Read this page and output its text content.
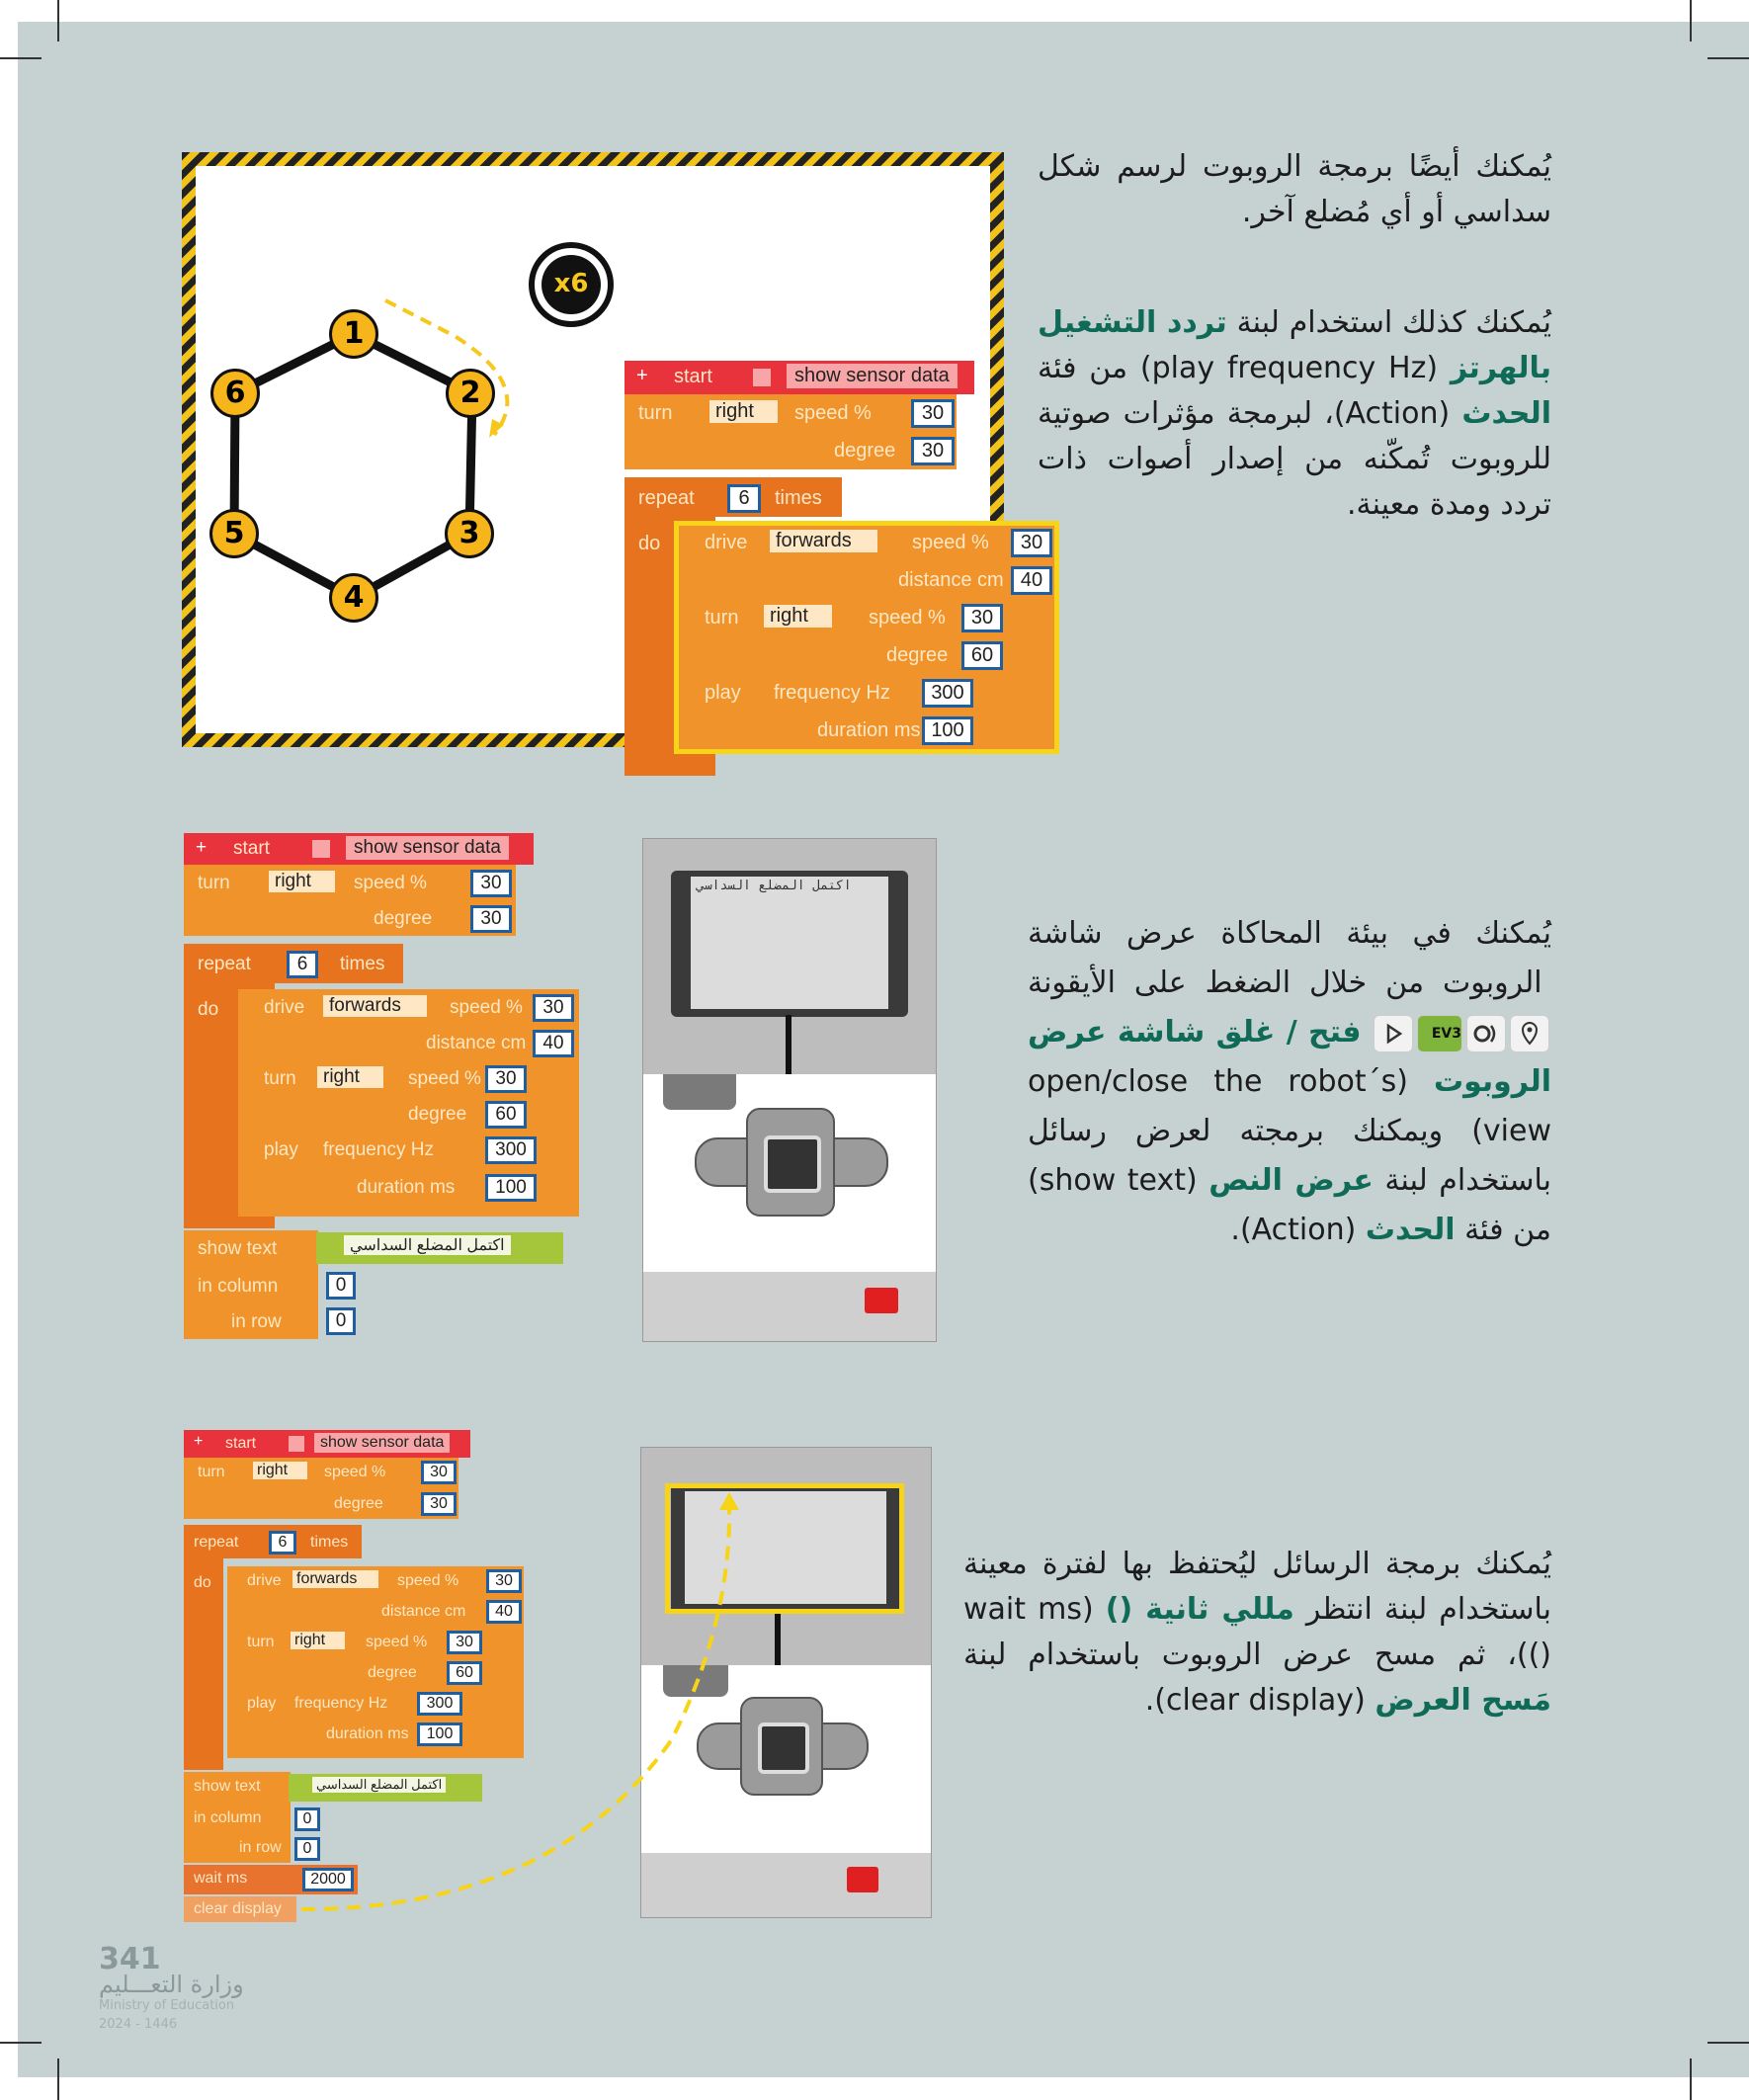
يُمكنك أيضًا برمجة الروبوت لرسم شكل سداسي أو أي مُضلع آخر.
يُمكنك كذلك استخدام لبنة تردد التشغيل بالهرتز (play frequency Hz) من فئة الحدث (Action)، لبرمجة مؤثرات صوتية للروبوت تُمكّنه من إصدار أصوات ذات تردد ومدة معينة.
يُمكنك في بيئة المحاكاة عرض شاشة الروبوت من خلال الضغط على الأيقونة EV3 فتح / غلق شاشة عرض الروبوت (open/close the robot´s view) ويمكنك برمجته لعرض رسائل باستخدام لبنة عرض النص (show text) من فئة الحدث (Action).
يُمكنك برمجة الرسائل ليُحتفظ بها لفترة معينة باستخدام لبنة انتظر مللي ثانية () (wait ms ())، ثم مسح عرض الروبوت باستخدام لبنة مَسح العرض (clear display).
x6
1
2
3
4
5
6	+ start	show sensor data
turn	right	speed %	30
degree	30
repeat	6	times
do drive	forwards	speed %	30
distance cm 40
turn	right	speed %	30
degree	60
play frequency Hz	300
duration ms 100
+ start	show sensor data
turn	right	speed %	30
degree	30
repeat	6	times
do drive	forwards	speed %	30
distance cm 40
turn	right	speed % 30
degree	60
play frequency Hz	300
duration ms	100
show text
in column
in row
اكتمل المضلع السداسي
0
0
اكتمل المضلع السداسي
+ start	show sensor data
turn right	speed %	30
degree	30
repeat	6	times
do drive forwards	speed %	30
distance cm	40
turn right	speed %	30
degree	60
play frequency Hz	300
duration ms	100
show text
in column
in row
اكتمل المضلع السداسي
0
0
wait ms	2000
clear display
341
وزارة التعـــليم
Ministry of Education
2024 - 1446
